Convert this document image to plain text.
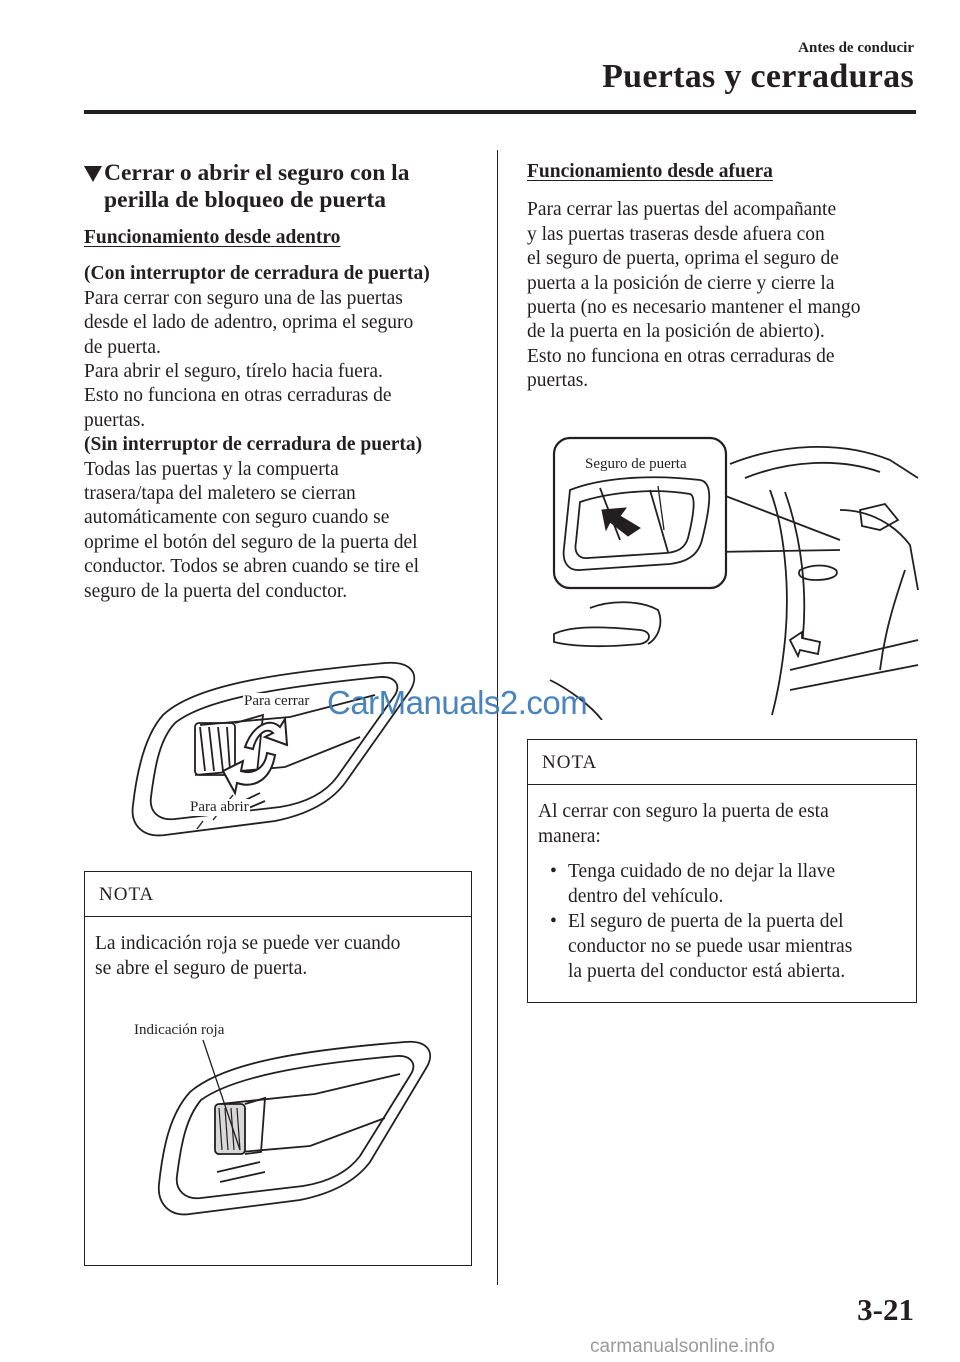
Antes de conducir
Puertas y cerraduras
Cerrar o abrir el seguro con la
perilla de bloqueo de puerta
Funcionamiento desde adentro
(Con interruptor de cerradura de puerta)

Para cerrar con seguro una de las puertas

desde el lado de adentro, oprima el seguro

de puerta.

Para abrir el seguro, tírelo hacia fuera.

Esto no funciona en otras cerraduras de

puertas.

(Sin interruptor de cerradura de puerta)

Todas las puertas y la compuerta

trasera/tapa del maletero se cierran

automáticamente con seguro cuando se

oprime el botón del seguro de la puerta del

conductor. Todos se abren cuando se tire el

seguro de la puerta del conductor.

Para cerrar
Para abrir
NOTA

La indicación roja se puede ver cuando

se abre el seguro de puerta.

Indicación roja
Funcionamiento desde afuera

Para cerrar las puertas del acompañante

y las puertas traseras desde afuera con

el seguro de puerta, oprima el seguro de

puerta a la posición de cierre y cierre la

puerta (no es necesario mantener el mango

de la puerta en la posición de abierto).

Esto no funciona en otras cerraduras de

puertas.

Seguro de puerta
NOTA

Al cerrar con seguro la puerta de esta

manera:

• Tenga cuidado de no dejar la llave

dentro del vehículo.

• El seguro de puerta de la puerta del

conductor no se puede usar mientras

la puerta del conductor está abierta.

CarManuals2.com
3-21
carmanualsonline.info
